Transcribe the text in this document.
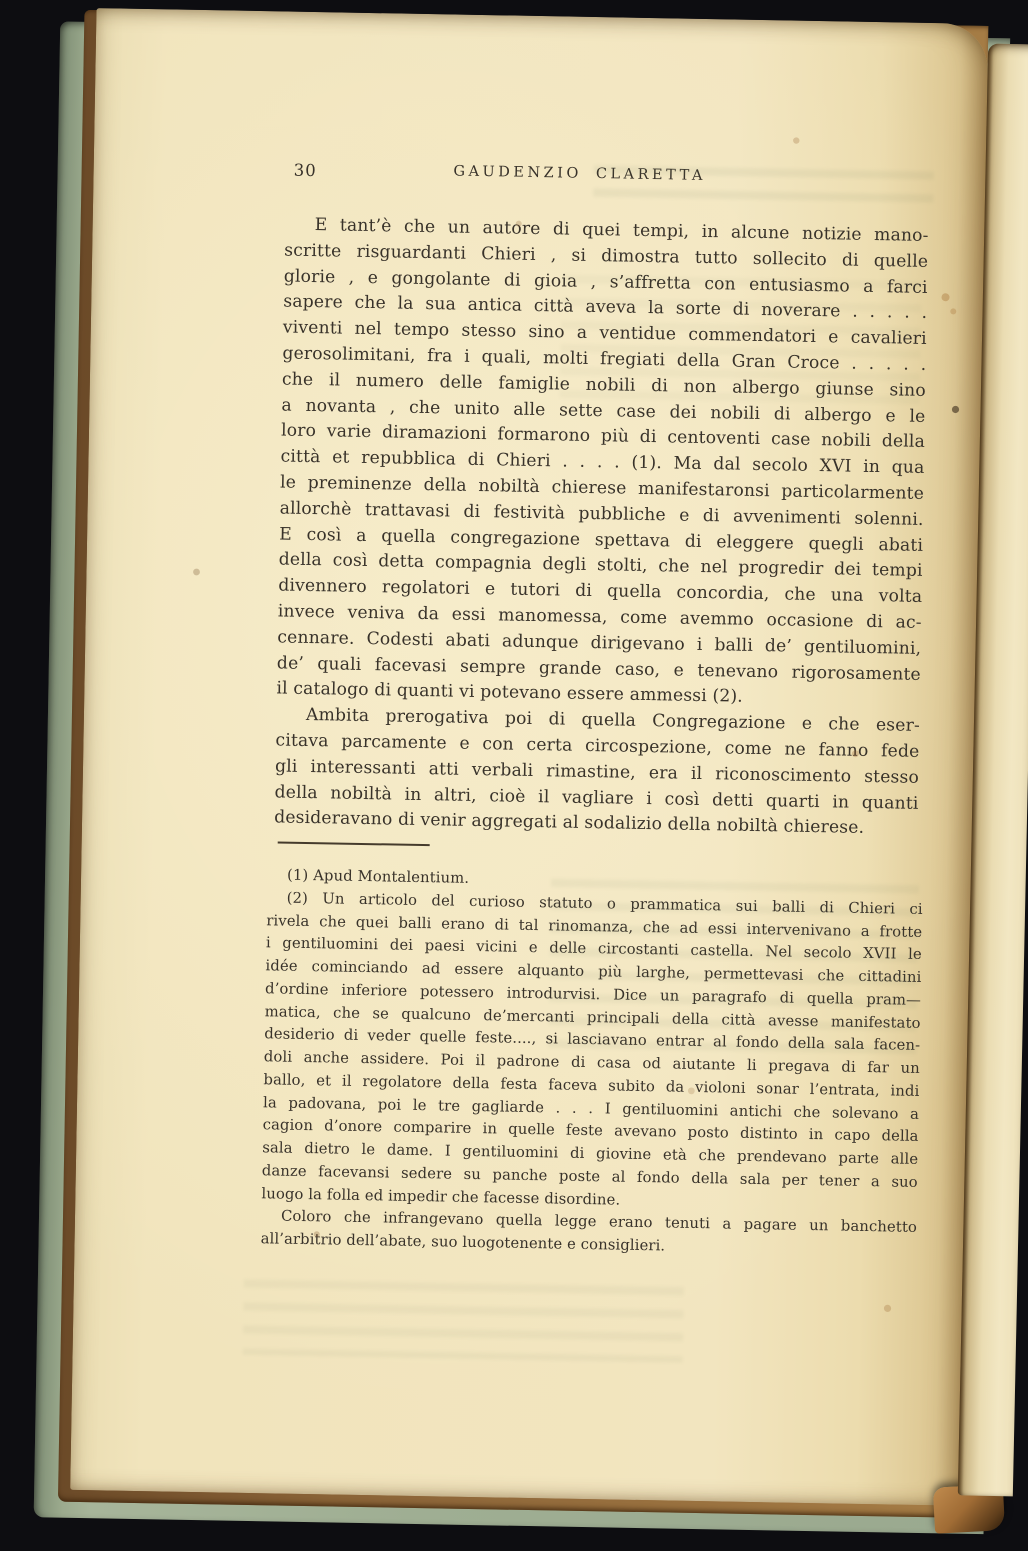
30	GAUDENZIO CLARETTA
E tant’è che un autore di quei tempi, in alcune notizie mano-
scritte risguardanti Chieri , si dimostra tutto sollecito di quelle
glorie , e gongolante di gioia , s’affretta con entusiasmo a farci
sapere che la sua antica città aveva la sorte di noverare . . . . .
viventi nel tempo stesso sino a ventidue commendatori e cavalieri
gerosolimitani, fra i quali, molti fregiati della Gran Croce . . . . .
che il numero delle famiglie nobili di non albergo giunse sino
a novanta , che unito alle sette case dei nobili di albergo e le
loro varie diramazioni formarono più di centoventi case nobili della
città et repubblica di Chieri . . . . (1). Ma dal secolo XVI in qua
le preminenze della nobiltà chierese manifestaronsi particolarmente
allorchè trattavasi di festività pubbliche e di avvenimenti solenni.
E così a quella congregazione spettava di eleggere quegli abati
della così detta compagnia degli stolti, che nel progredir dei tempi
divennero regolatori e tutori di quella concordia, che una volta
invece veniva da essi manomessa, come avemmo occasione di ac-
cennare. Codesti abati adunque dirigevano i balli de’ gentiluomini,
de’ quali facevasi sempre grande caso, e tenevano rigorosamente
il catalogo di quanti vi potevano essere ammessi (2).
Ambita prerogativa poi di quella Congregazione e che eser-
citava parcamente e con certa circospezione, come ne fanno fede
gli interessanti atti verbali rimastine, era il riconoscimento stesso
della nobiltà in altri, cioè il vagliare i così detti quarti in quanti
desideravano di venir aggregati al sodalizio della nobiltà chierese.
(1) Apud Montalentium.
(2) Un articolo del curioso statuto o prammatica sui balli di Chieri ci
rivela che quei balli erano di tal rinomanza, che ad essi intervenivano a frotte
i gentiluomini dei paesi vicini e delle circostanti castella. Nel secolo XVII le
idée cominciando ad essere alquanto più larghe, permettevasi che cittadini
d’ordine inferiore potessero introdurvisi. Dice un paragrafo di quella pram—
matica, che se qualcuno de’mercanti principali della città avesse manifestato
desiderio di veder quelle feste...., si lasciavano entrar al fondo della sala facen-
doli anche assidere. Poi il padrone di casa od aiutante li pregava di far un
ballo, et il regolatore della festa faceva subito da violoni sonar l’entrata, indi
la padovana, poi le tre gagliarde . . . I gentiluomini antichi che solevano a
cagion d’onore comparire in quelle feste avevano posto distinto in capo della
sala dietro le dame. I gentiluomini di giovine età che prendevano parte alle
danze facevansi sedere su panche poste al fondo della sala per tener a suo
luogo la folla ed impedir che facesse disordine.
Coloro che infrangevano quella legge erano tenuti a pagare un banchetto
all’arbitrio dell’abate, suo luogotenente e consiglieri.
